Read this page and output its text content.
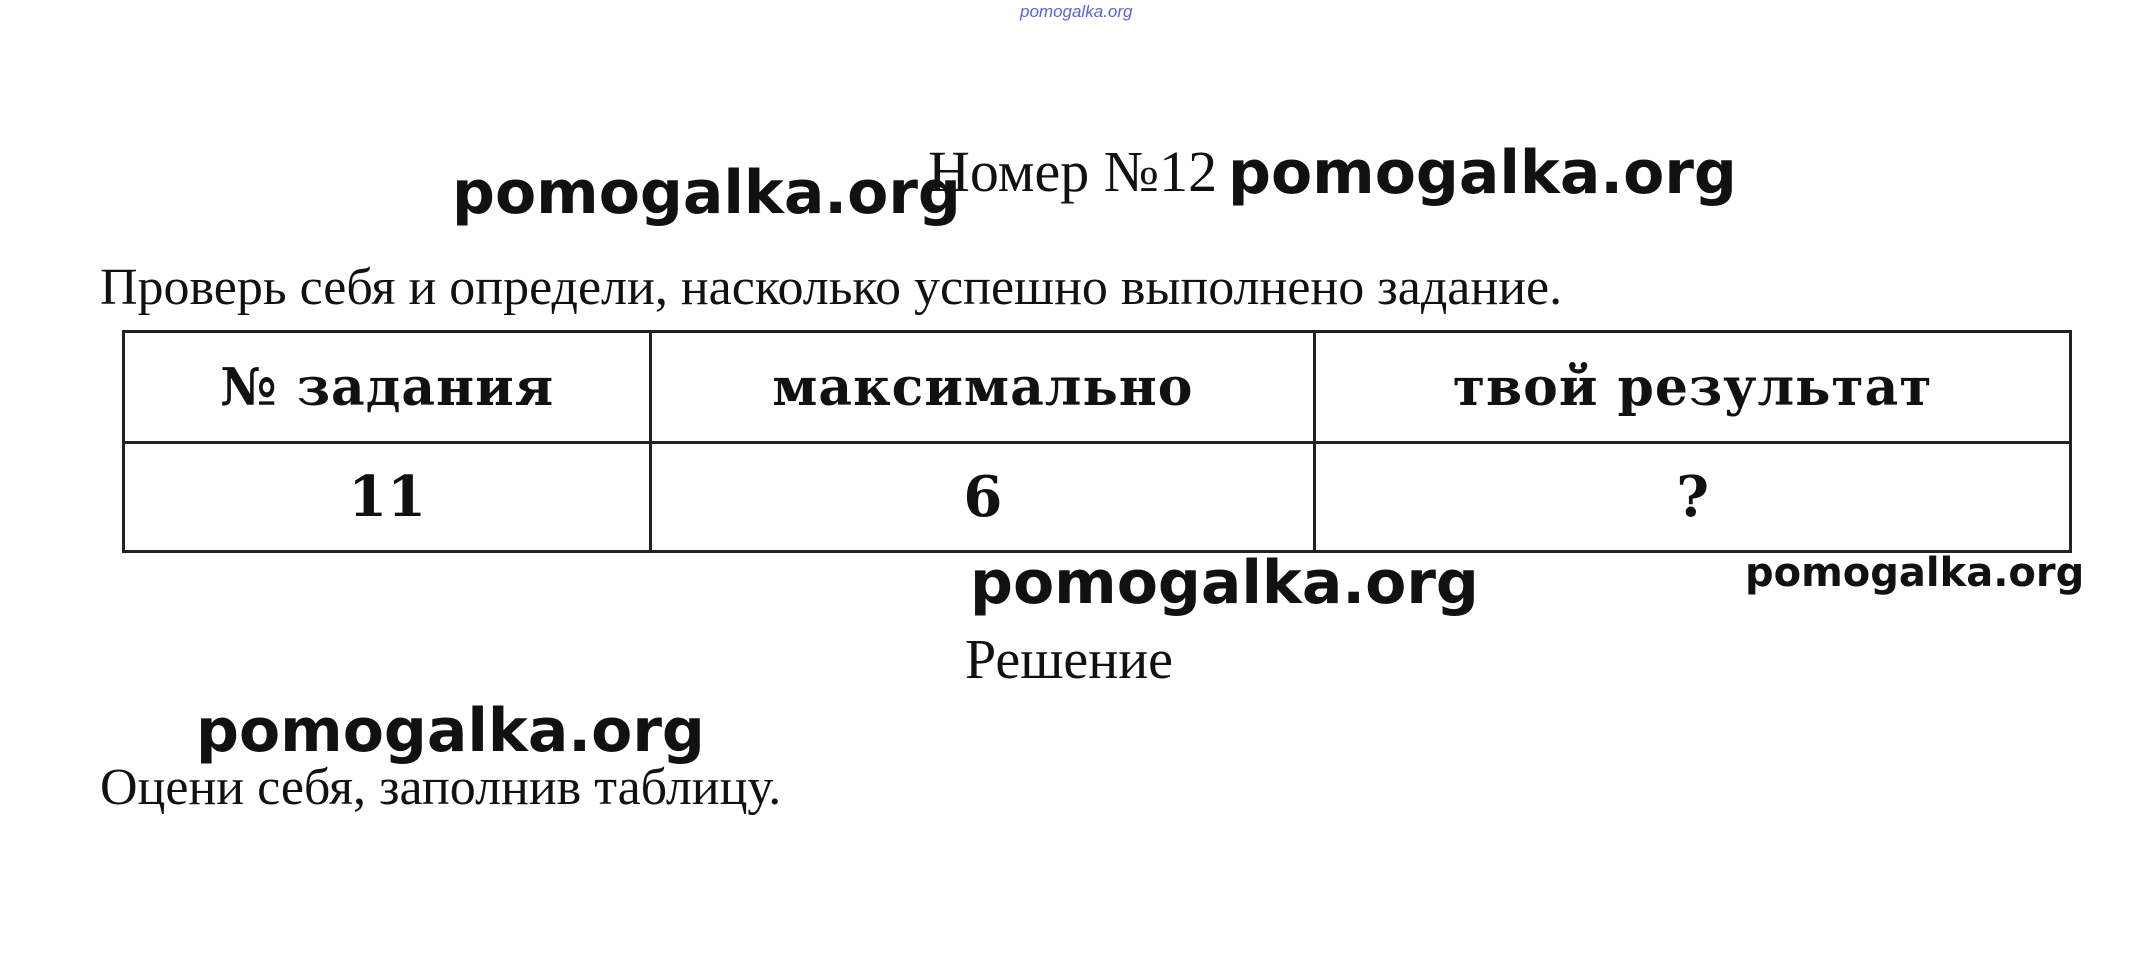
pomogalka.org
pomogalka.org
Номер №12 pomogalka.org
Проверь себя и определи, насколько успешно выполнено задание.
№ задания	максимально	твой результат
11	6	?
pomogalka.org	pomogalka.org
Решение
pomogalka.org
Оцени себя, заполнив таблицу.
